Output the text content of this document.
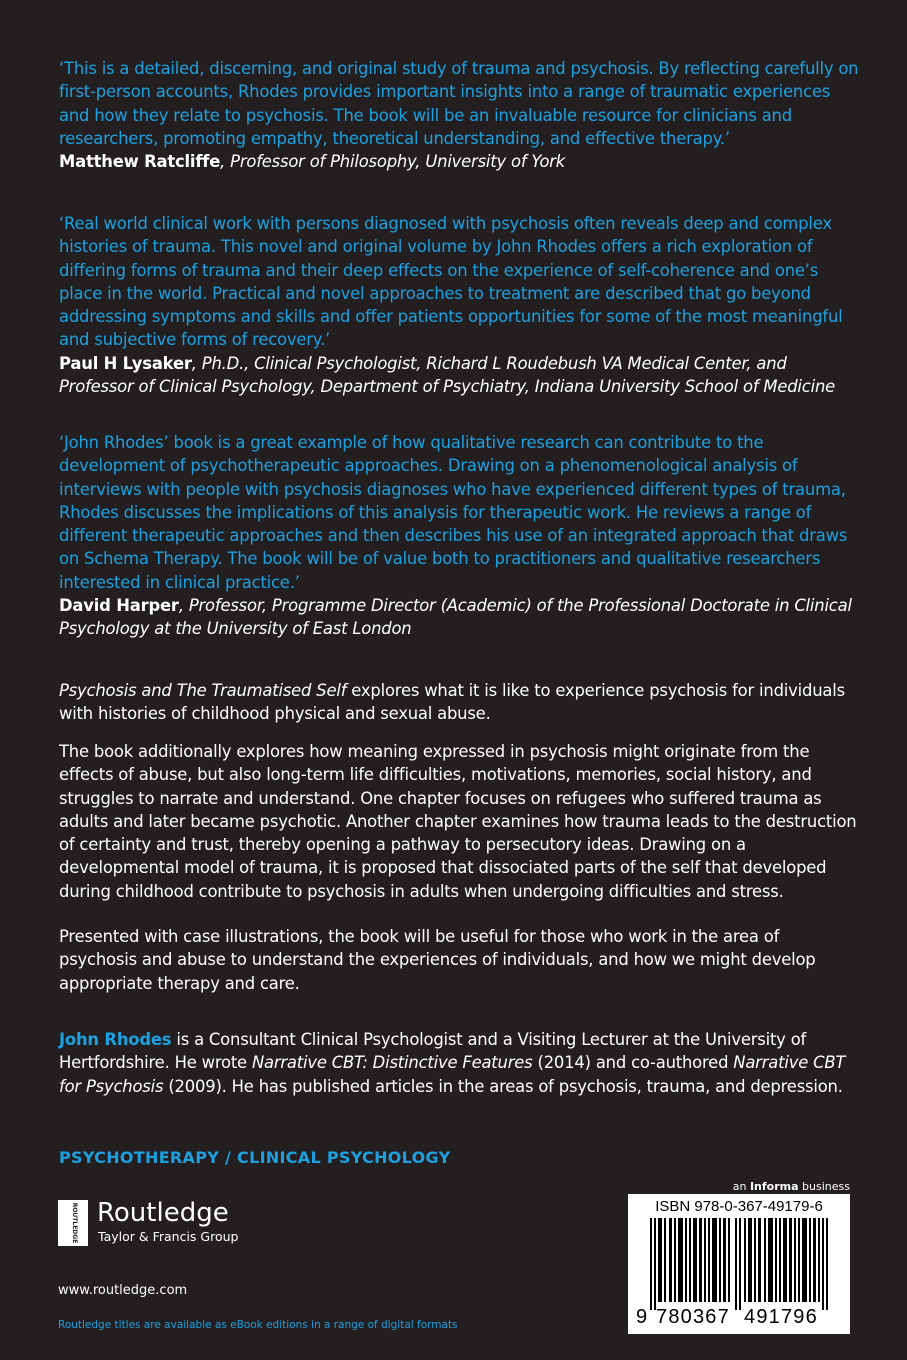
‘This is a detailed, discerning, and original study of trauma and psychosis. By reflecting carefully on first-person accounts, Rhodes provides important insights into a range of traumatic experiences and how they relate to psychosis. The book will be an invaluable resource for clinicians and researchers, promoting empathy, theoretical understanding, and effective therapy.’

Matthew Ratcliffe, Professor of Philosophy, University of York

‘Real world clinical work with persons diagnosed with psychosis often reveals deep and complex histories of trauma. This novel and original volume by John Rhodes offers a rich exploration of differing forms of trauma and their deep effects on the experience of self-coherence and one’s place in the world. Practical and novel approaches to treatment are described that go beyond addressing symptoms and skills and offer patients opportunities for some of the most meaningful and subjective forms of recovery.’

Paul H Lysaker, Ph.D., Clinical Psychologist, Richard L Roudebush VA Medical Center, and Professor of Clinical Psychology, Department of Psychiatry, Indiana University School of Medicine

‘John Rhodes’ book is a great example of how qualitative research can contribute to the development of psychotherapeutic approaches. Drawing on a phenomenological analysis of interviews with people with psychosis diagnoses who have experienced different types of trauma, Rhodes discusses the implications of this analysis for therapeutic work. He reviews a range of different therapeutic approaches and then describes his use of an integrated approach that draws on Schema Therapy. The book will be of value both to practitioners and qualitative researchers interested in clinical practice.’

David Harper, Professor, Programme Director (Academic) of the Professional Doctorate in Clinical Psychology at the University of East London

Psychosis and The Traumatised Self explores what it is like to experience psychosis for individuals with histories of childhood physical and sexual abuse.

The book additionally explores how meaning expressed in psychosis might originate from the effects of abuse, but also long-term life difficulties, motivations, memories, social history, and struggles to narrate and understand. One chapter focuses on refugees who suffered trauma as adults and later became psychotic. Another chapter examines how trauma leads to the destruction of certainty and trust, thereby opening a pathway to persecutory ideas. Drawing on a developmental model of trauma, it is proposed that dissociated parts of the self that developed during childhood contribute to psychosis in adults when undergoing difficulties and stress.

Presented with case illustrations, the book will be useful for those who work in the area of psychosis and abuse to understand the experiences of individuals, and how we might develop appropriate therapy and care.

John Rhodes is a Consultant Clinical Psychologist and a Visiting Lecturer at the University of Hertfordshire. He wrote Narrative CBT: Distinctive Features (2014) and co-authored Narrative CBT for Psychosis (2009). He has published articles in the areas of psychosis, trauma, and depression.

PSYCHOTHERAPY / CLINICAL PSYCHOLOGY
ROUTLEDGE Routledge
Taylor & Francis Group
www.routledge.com
Routledge titles are available as eBook editions in a range of digital formats
an Informa business
ISBN 978-0-367-49179-6
9 780367 491796
